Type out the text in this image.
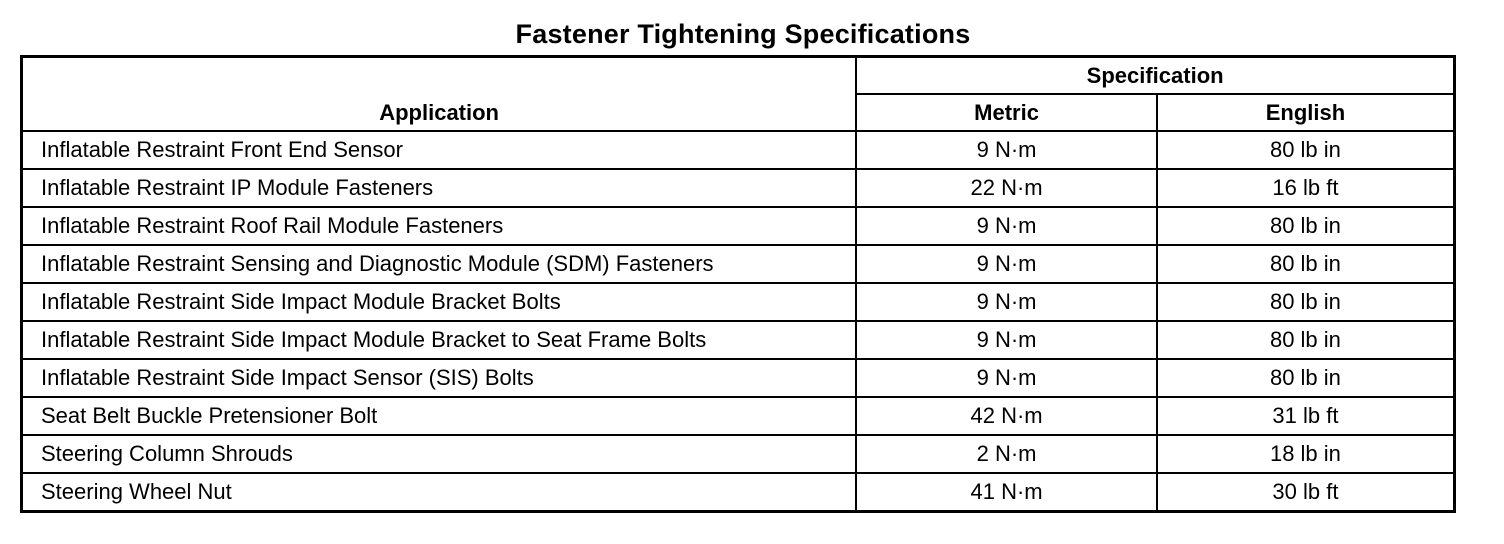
Fastener Tightening Specifications
Application	Specification	
	Metric	English
Inflatable Restraint Front End Sensor	9 N·m	80 lb in
Inflatable Restraint IP Module Fasteners	22 N·m	16 lb ft
Inflatable Restraint Roof Rail Module Fasteners	9 N·m	80 lb in
Inflatable Restraint Sensing and Diagnostic Module (SDM) Fasteners	9 N·m	80 lb in
Inflatable Restraint Side Impact Module Bracket Bolts	9 N·m	80 lb in
Inflatable Restraint Side Impact Module Bracket to Seat Frame Bolts	9 N·m	80 lb in
Inflatable Restraint Side Impact Sensor (SIS) Bolts	9 N·m	80 lb in
Seat Belt Buckle Pretensioner Bolt	42 N·m	31 lb ft
Steering Column Shrouds	2 N·m	18 lb in
Steering Wheel Nut	41 N·m	30 lb ft
